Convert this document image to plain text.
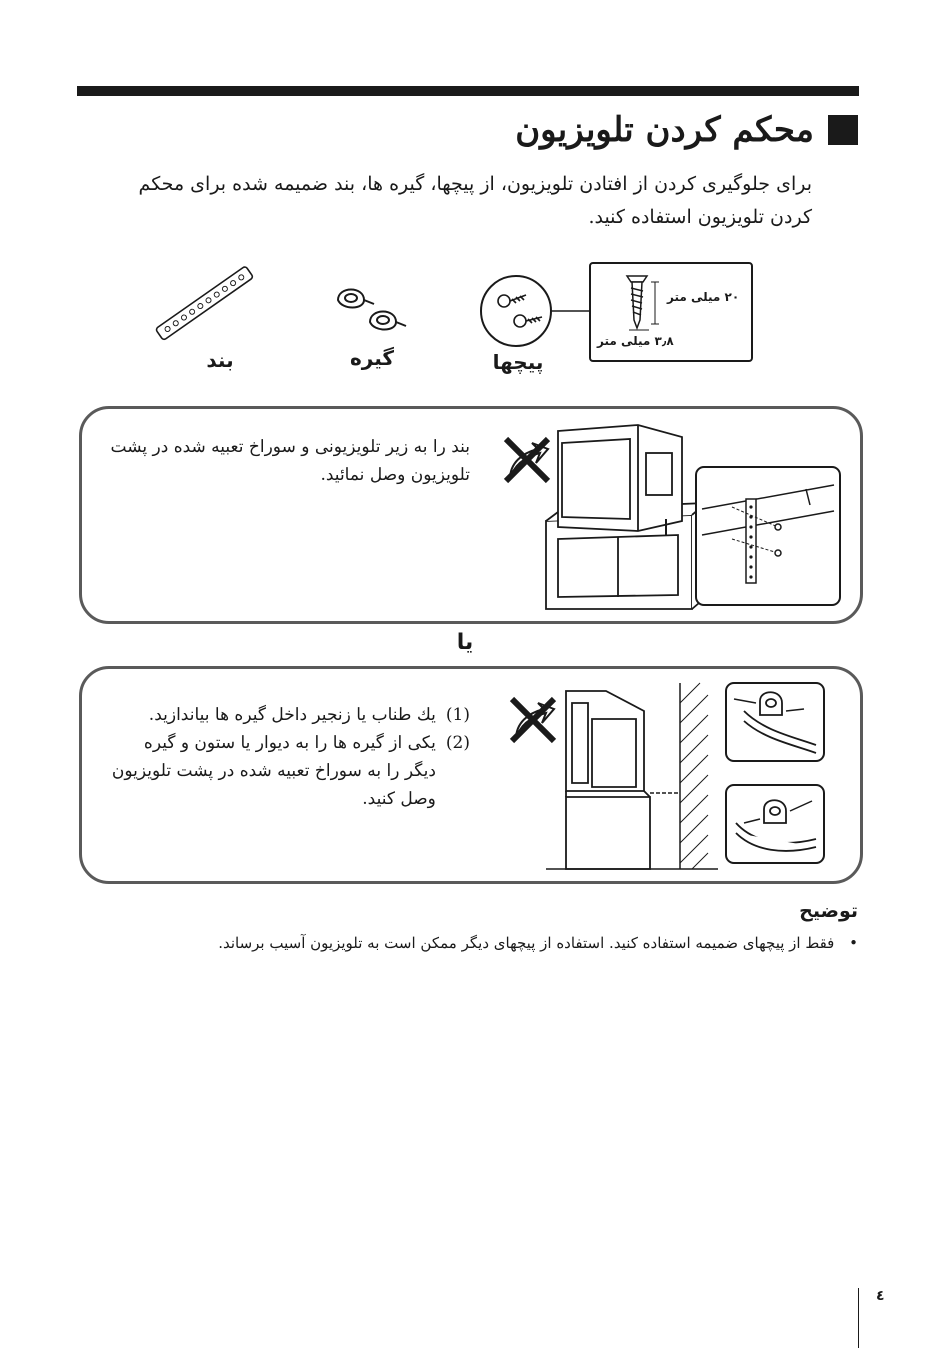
محکم کردن تلویزیون
برای جلوگیری کردن از افتادن تلویزیون، از پیچها، گیره ها، بند ضمیمه شده برای محکم کردن تلویزیون استفاده کنید.
۲۰ میلی متر
۳٫۸ میلی متر
بند	گیره	پیچها
بند را به زیر تلویزیونی و سوراخ تعبیه شده در پشت تلویزیون وصل نمائید.
یا
(1)
یك طناب یا زنجیر داخل گیره ها بیاندازید.
(2)
یکی از گیره ها را به دیوار یا ستون و گیره دیگر را به سوراخ تعبیه شده در پشت تلویزیون وصل کنید.
توضیح
• فقط از پیچهای ضمیمه استفاده کنید. استفاده از پیچهای دیگر ممکن است به تلویزیون آسیب برساند.
٤
